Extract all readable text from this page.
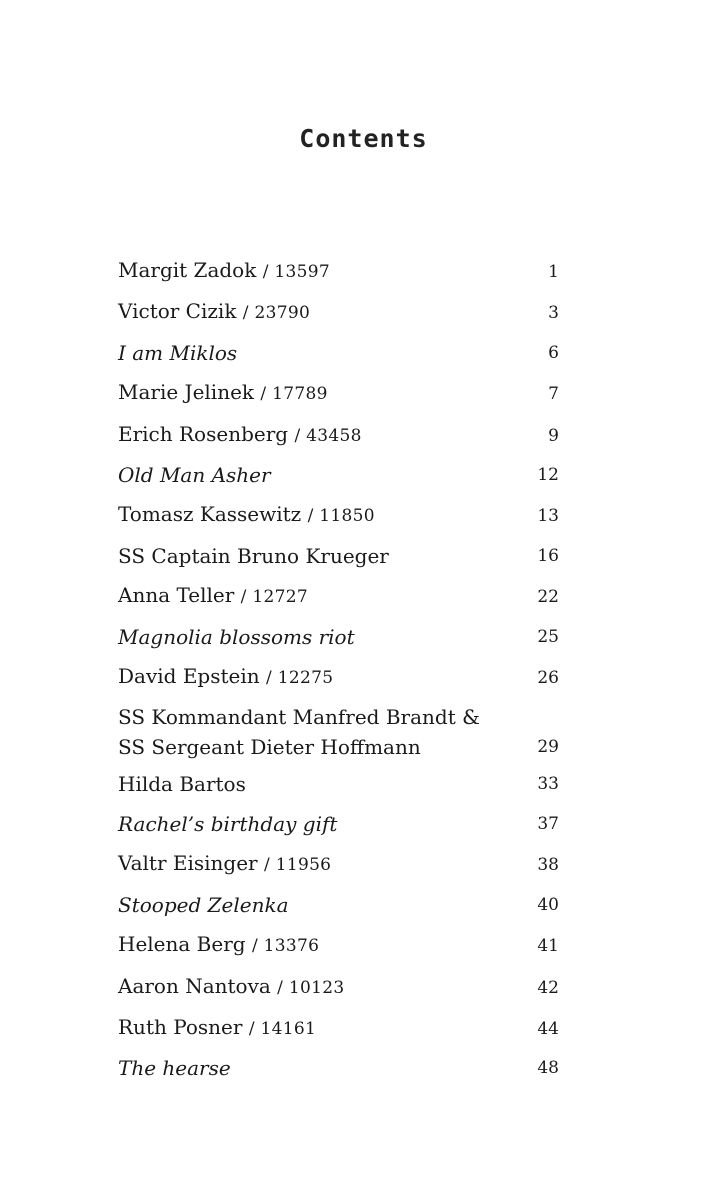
Contents
Margit Zadok / 13597	1
Victor Cizik / 23790	3
I am Miklos	6
Marie Jelinek / 17789	7
Erich Rosenberg / 43458	9
Old Man Asher	12
Tomasz Kassewitz / 11850	13
SS Captain Bruno Krueger	16
Anna Teller / 12727	22
Magnolia blossoms riot	25
David Epstein / 12275	26
SS Kommandant Manfred Brandt &
SS Sergeant Dieter Hoffmann	29
Hilda Bartos	33
Rachel’s birthday gift	37
Valtr Eisinger / 11956	38
Stooped Zelenka	40
Helena Berg / 13376	41
Aaron Nantova / 10123	42
Ruth Posner / 14161	44
The hearse	48
